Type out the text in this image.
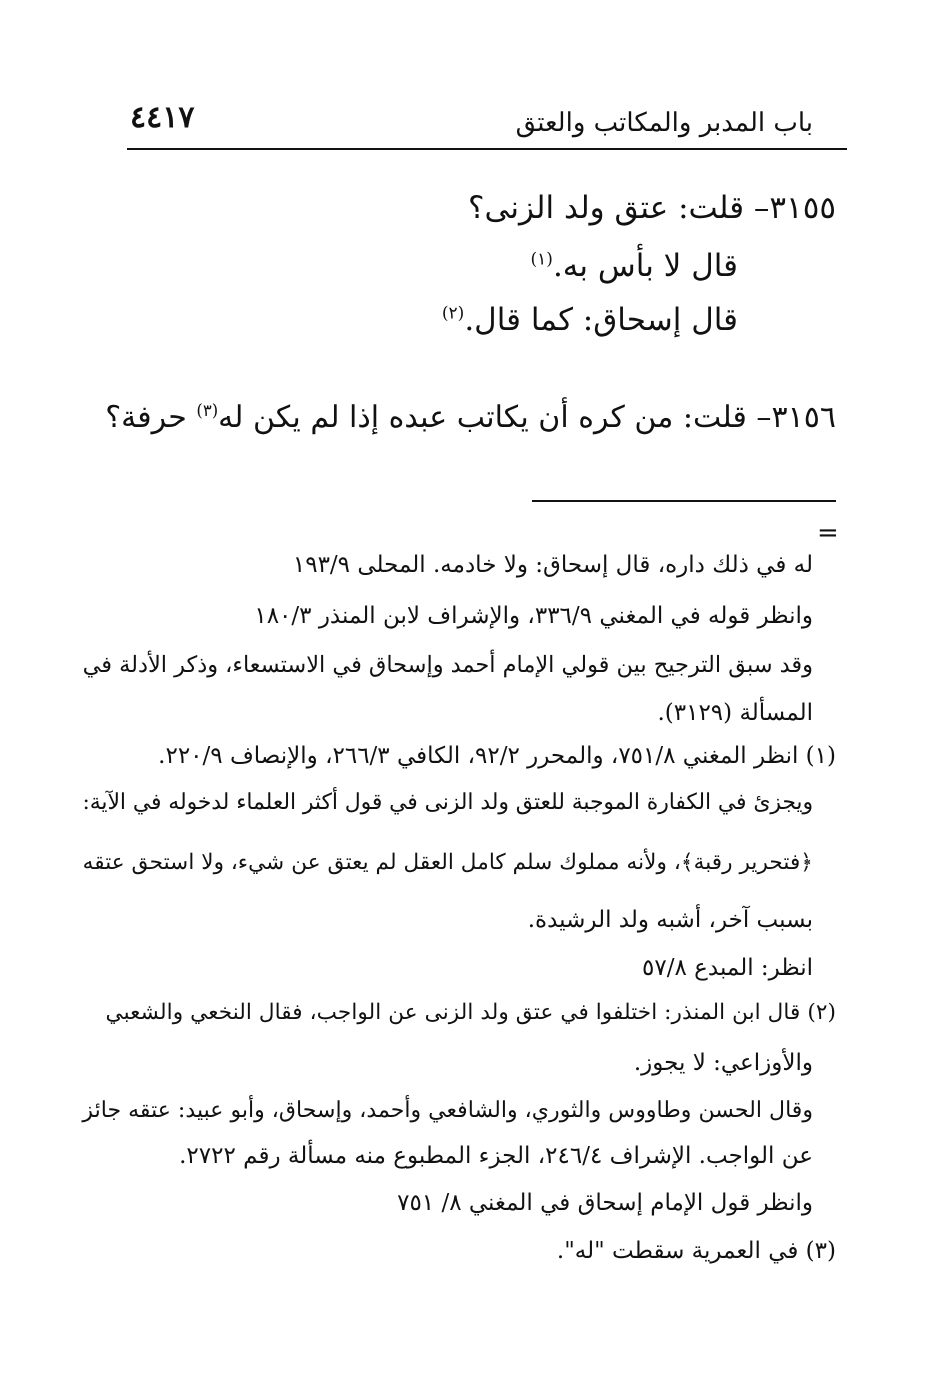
باب المدبر والمكاتب والعتق
٤٤١٧
٣١٥٥– قلت: عتق ولد الزنى؟
قال لا بأس به.$^{(١)}$
قال إسحاق: كما قال.$^{(٢)}$
٣١٥٦– قلت: من كره أن يكاتب عبده إذا لم يكن له$^{(٣)}$ حرفة؟
=
له في ذلك داره، قال إسحاق: ولا خادمه. المحلى ١٩٣/٩
وانظر قوله في المغني ٣٣٦/٩، والإشراف لابن المنذر ١٨٠/٣
وقد سبق الترجيح بين قولي الإمام أحمد وإسحاق في الاستسعاء، وذكر الأدلة في
المسألة (٣١٢٩).
(١) انظر المغني ٧٥١/٨، والمحرر ٩٢/٢، الكافي ٢٦٦/٣، والإنصاف ٢٢٠/٩.
ويجزئ في الكفارة الموجبة للعتق ولد الزنى في قول أكثر العلماء لدخوله في الآية:
﴿فتحرير رقبة﴾، ولأنه مملوك سلم كامل العقل لم يعتق عن شيء، ولا استحق عتقه
بسبب آخر، أشبه ولد الرشيدة.
انظر: المبدع ٥٧/٨
(٢) قال ابن المنذر: اختلفوا في عتق ولد الزنى عن الواجب، فقال النخعي والشعبي
والأوزاعي: لا يجوز.
وقال الحسن وطاووس والثوري، والشافعي وأحمد، وإسحاق، وأبو عبيد: عتقه جائز
عن الواجب. الإشراف ٢٤٦/٤، الجزء المطبوع منه مسألة رقم ٢٧٢٢.
وانظر قول الإمام إسحاق في المغني ٨/ ٧٥١
(٣) في العمرية سقطت "له".
